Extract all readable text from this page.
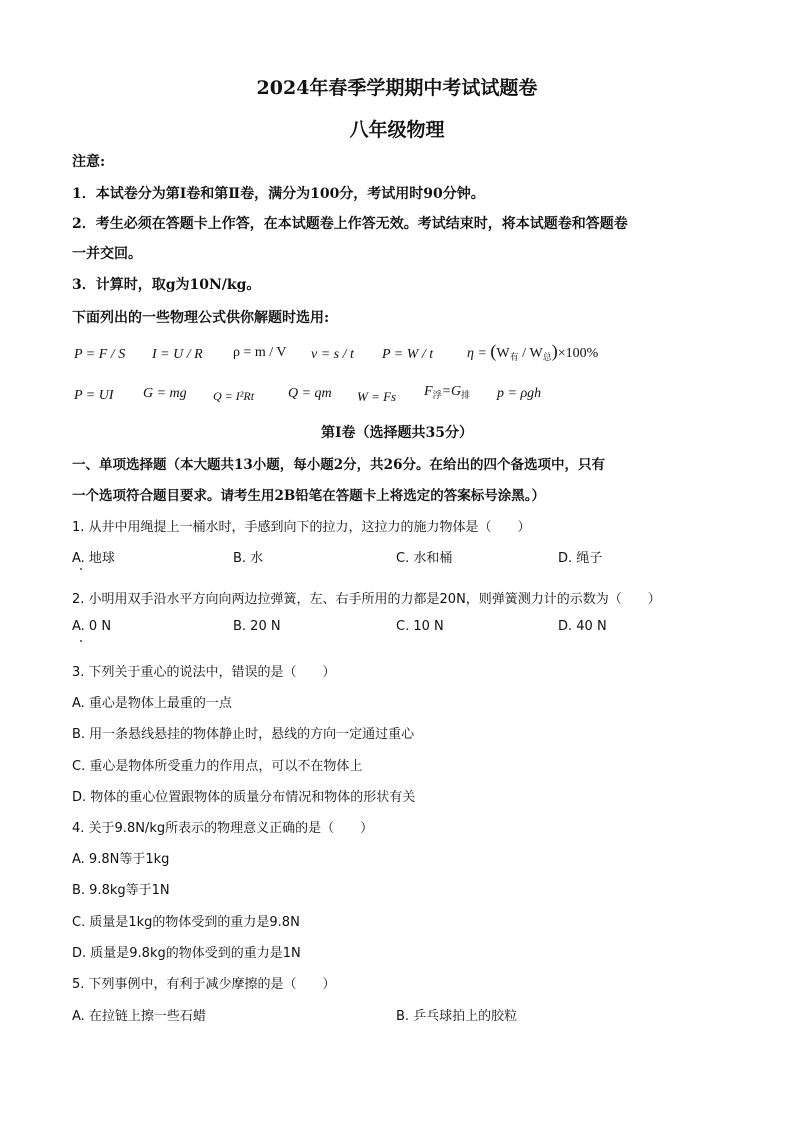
2024年春季学期期中考试试题卷
八年级物理
注意:
1．本试卷分为第Ⅰ卷和第Ⅱ卷，满分为100分，考试用时90分钟。
2．考生必须在答题卡上作答，在本试题卷上作答无效。考试结束时，将本试题卷和答题卷
一并交回。
3．计算时，取g为10N/kg。
下面列出的一些物理公式供你解题时选用:
P = F / S I = U / R ρ = m / V v = s / t P = W / t $\eta = (W_有 / W_总)\times 100\%$
P = UI G = mg Q = I²Rt Q = qm W = Fs $F_浮=G_排$ p = ρgh
第Ⅰ卷（选择题共35分）
一、单项选择题（本大题共13小题，每小题2分，共26分。在给出的四个备选项中，只有
一个选项符合题目要求。请考生用2B铅笔在答题卡上将选定的答案标号涂黑。）
1. 从井中用绳提上一桶水时，手感到向下的拉力，这拉力的施力物体是（　　）
A. 地球	B. 水	C. 水和桶	D. 绳子
2. 小明用双手沿水平方向向两边拉弹簧，左、右手所用的力都是20N，则弹簧测力计的示数为（　　）
A. 0 N	B. 20 N	C. 10 N	D. 40 N
3. 下列关于重心的说法中，错误的是（　　）
A. 重心是物体上最重的一点
B. 用一条悬线悬挂的物体静止时，悬线的方向一定通过重心
C. 重心是物体所受重力的作用点，可以不在物体上
D. 物体的重心位置跟物体的质量分布情况和物体的形状有关
4. 关于9.8N/kg所表示的物理意义正确的是（　　）
A. 9.8N等于1kg
B. 9.8kg等于1N
C. 质量是1kg的物体受到的重力是9.8N
D. 质量是9.8kg的物体受到的重力是1N
5. 下列事例中，有利于减少摩擦的是（　　）
A. 在拉链上擦一些石蜡	B. 乒乓球拍上的胶粒
